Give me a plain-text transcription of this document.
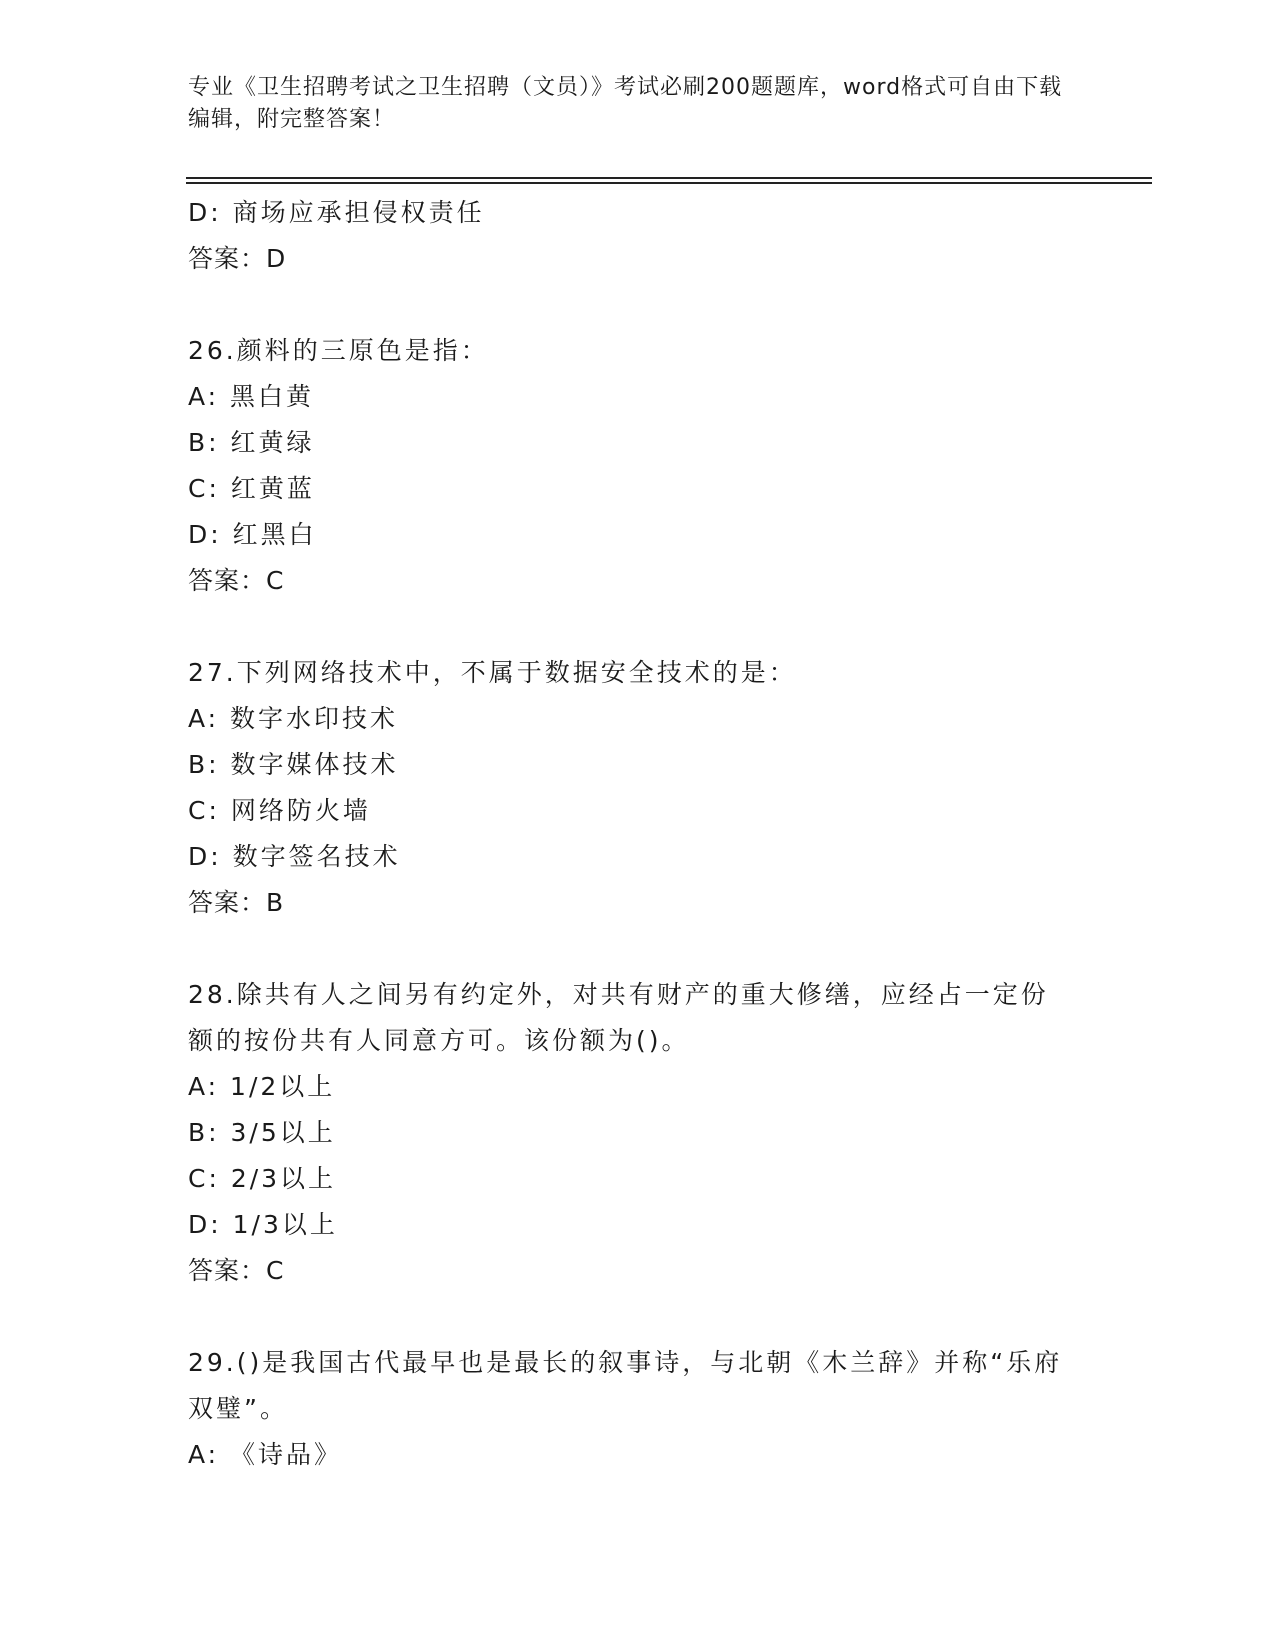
专业《卫生招聘考试之卫生招聘（文员）》考试必刷200题题库，word格式可自由下载编辑，附完整答案！
D: 商场应承担侵权责任
答案：D
26.颜料的三原色是指：
A: 黑白黄
B: 红黄绿
C: 红黄蓝
D: 红黑白
答案：C
27.下列网络技术中，不属于数据安全技术的是：
A: 数字水印技术
B: 数字媒体技术
C: 网络防火墙
D: 数字签名技术
答案：B
28.除共有人之间另有约定外，对共有财产的重大修缮，应经占一定份额的按份共有人同意方可。该份额为()。
A: 1/2以上
B: 3/5以上
C: 2/3以上
D: 1/3以上
答案：C
29.()是我国古代最早也是最长的叙事诗，与北朝《木兰辞》并称“乐府双璧”。
A: 《诗品》
